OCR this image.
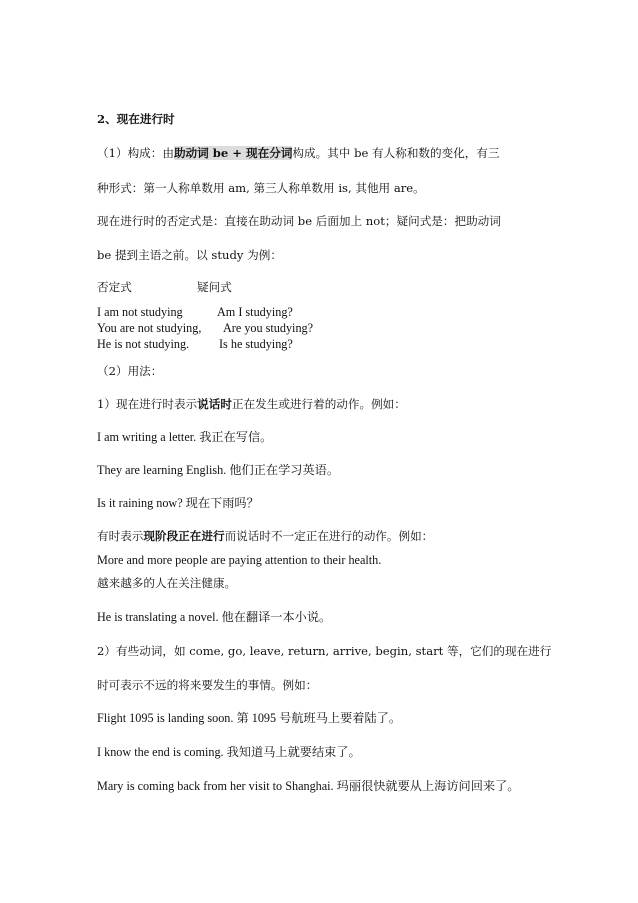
2、现在进行时
（1）构成：由助动词 be + 现在分词构成。其中 be 有人称和数的变化，有三
种形式：第一人称单数用 am, 第三人称单数用 is, 其他用 are。
现在进行时的否定式是：直接在助动词 be 后面加上 not；疑问式是：把助动词
be 提到主语之前。以 study 为例：
否定式	疑问式
I am not studying	Am I studying?
You are not studying, Are you studying?
He is not studying. Is he studying?
（2）用法：
1）现在进行时表示说话时正在发生或进行着的动作。例如：
I am writing a letter. 我正在写信。
They are learning English. 他们正在学习英语。
Is it raining now? 现在下雨吗？
有时表示现阶段正在进行而说话时不一定正在进行的动作。例如：
More and more people are paying attention to their health.
越来越多的人在关注健康。
He is translating a novel. 他在翻译一本小说。
2）有些动词，如 come, go, leave, return, arrive, begin, start 等，它们的现在进行
时可表示不远的将来要发生的事情。例如：
Flight 1095 is landing soon. 第 1095 号航班马上要着陆了。
I know the end is coming. 我知道马上就要结束了。
Mary is coming back from her visit to Shanghai. 玛丽很快就要从上海访问回来了。
